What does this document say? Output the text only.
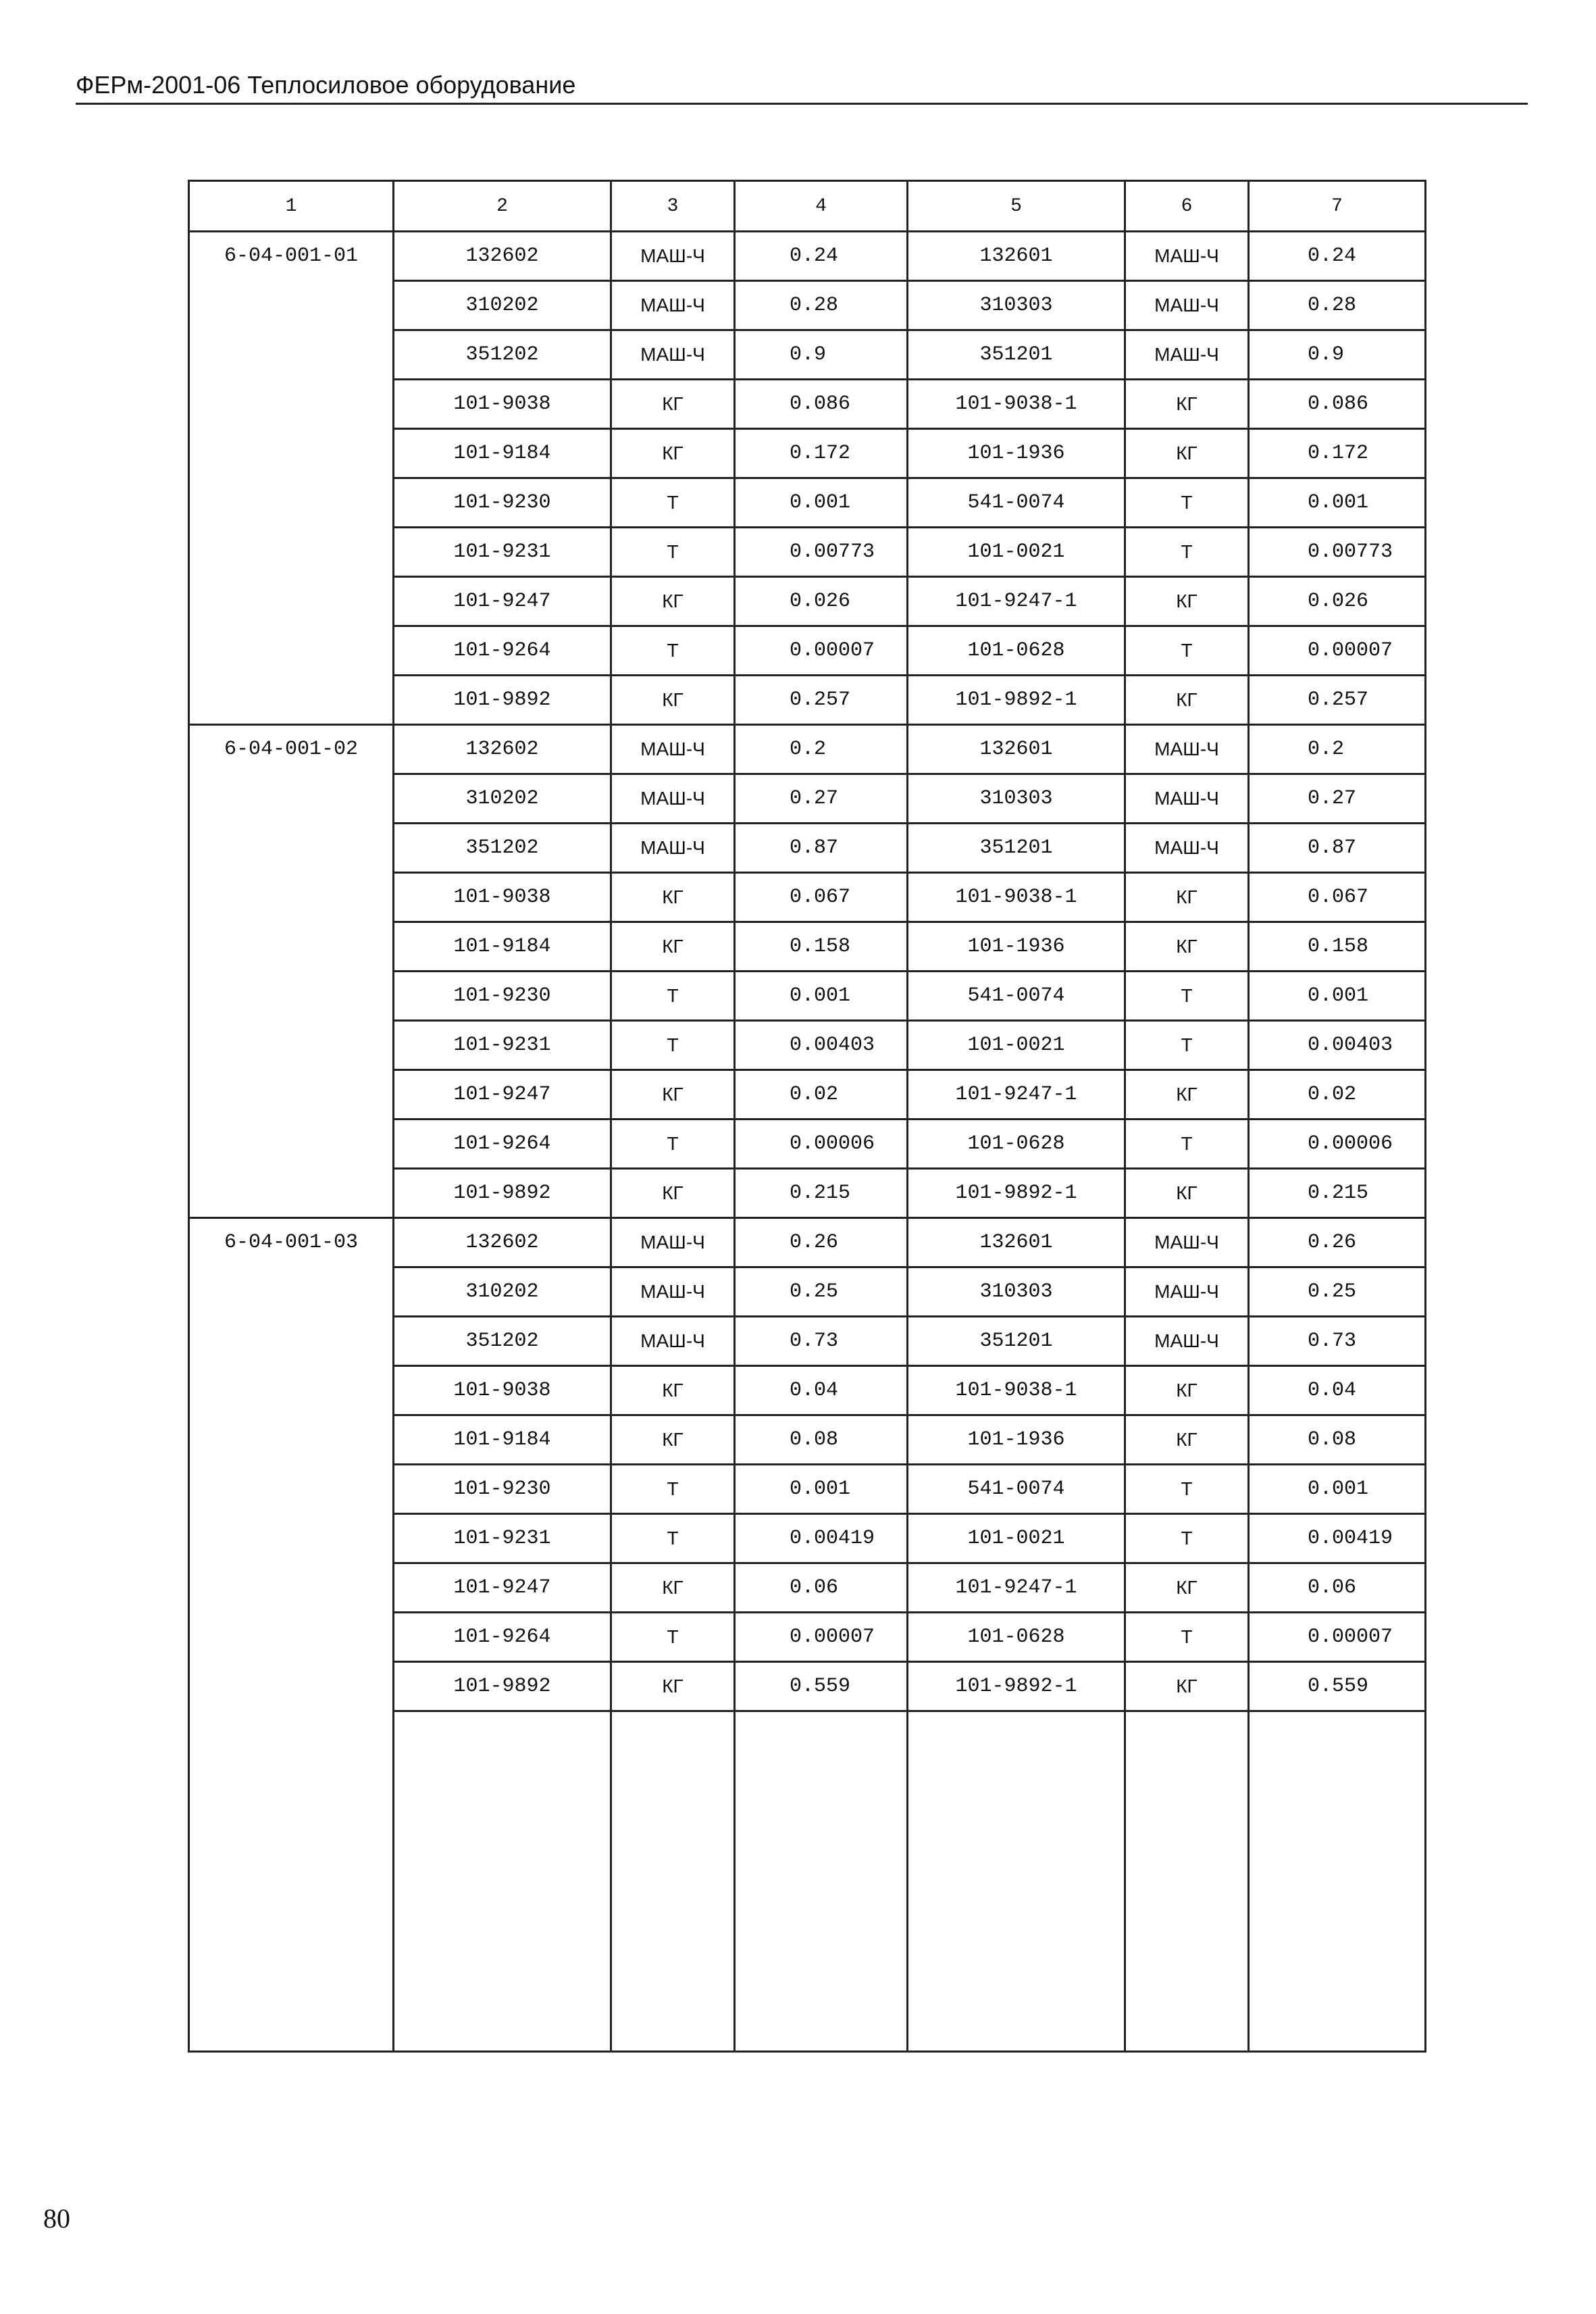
ФЕРм-2001-06 Теплосиловое оборудование
1	2	3	4	5	6	7
6-04-001-01	132602	МАШ-Ч	0.24	132601	МАШ-Ч	0.24
	310202	МАШ-Ч	0.28	310303	МАШ-Ч	0.28
	351202	МАШ-Ч	0.9	351201	МАШ-Ч	0.9
	101-9038	КГ	0.086	101-9038-1	КГ	0.086
	101-9184	КГ	0.172	101-1936	КГ	0.172
	101-9230	Т	0.001	541-0074	Т	0.001
	101-9231	Т	0.00773	101-0021	Т	0.00773
	101-9247	КГ	0.026	101-9247-1	КГ	0.026
	101-9264	Т	0.00007	101-0628	Т	0.00007
	101-9892	КГ	0.257	101-9892-1	КГ	0.257
6-04-001-02	132602	МАШ-Ч	0.2	132601	МАШ-Ч	0.2
	310202	МАШ-Ч	0.27	310303	МАШ-Ч	0.27
	351202	МАШ-Ч	0.87	351201	МАШ-Ч	0.87
	101-9038	КГ	0.067	101-9038-1	КГ	0.067
	101-9184	КГ	0.158	101-1936	КГ	0.158
	101-9230	Т	0.001	541-0074	Т	0.001
	101-9231	Т	0.00403	101-0021	Т	0.00403
	101-9247	КГ	0.02	101-9247-1	КГ	0.02
	101-9264	Т	0.00006	101-0628	Т	0.00006
	101-9892	КГ	0.215	101-9892-1	КГ	0.215
6-04-001-03	132602	МАШ-Ч	0.26	132601	МАШ-Ч	0.26
	310202	МАШ-Ч	0.25	310303	МАШ-Ч	0.25
	351202	МАШ-Ч	0.73	351201	МАШ-Ч	0.73
	101-9038	КГ	0.04	101-9038-1	КГ	0.04
	101-9184	КГ	0.08	101-1936	КГ	0.08
	101-9230	Т	0.001	541-0074	Т	0.001
	101-9231	Т	0.00419	101-0021	Т	0.00419
	101-9247	КГ	0.06	101-9247-1	КГ	0.06
	101-9264	Т	0.00007	101-0628	Т	0.00007
	101-9892	КГ	0.559	101-9892-1	КГ	0.559

80
